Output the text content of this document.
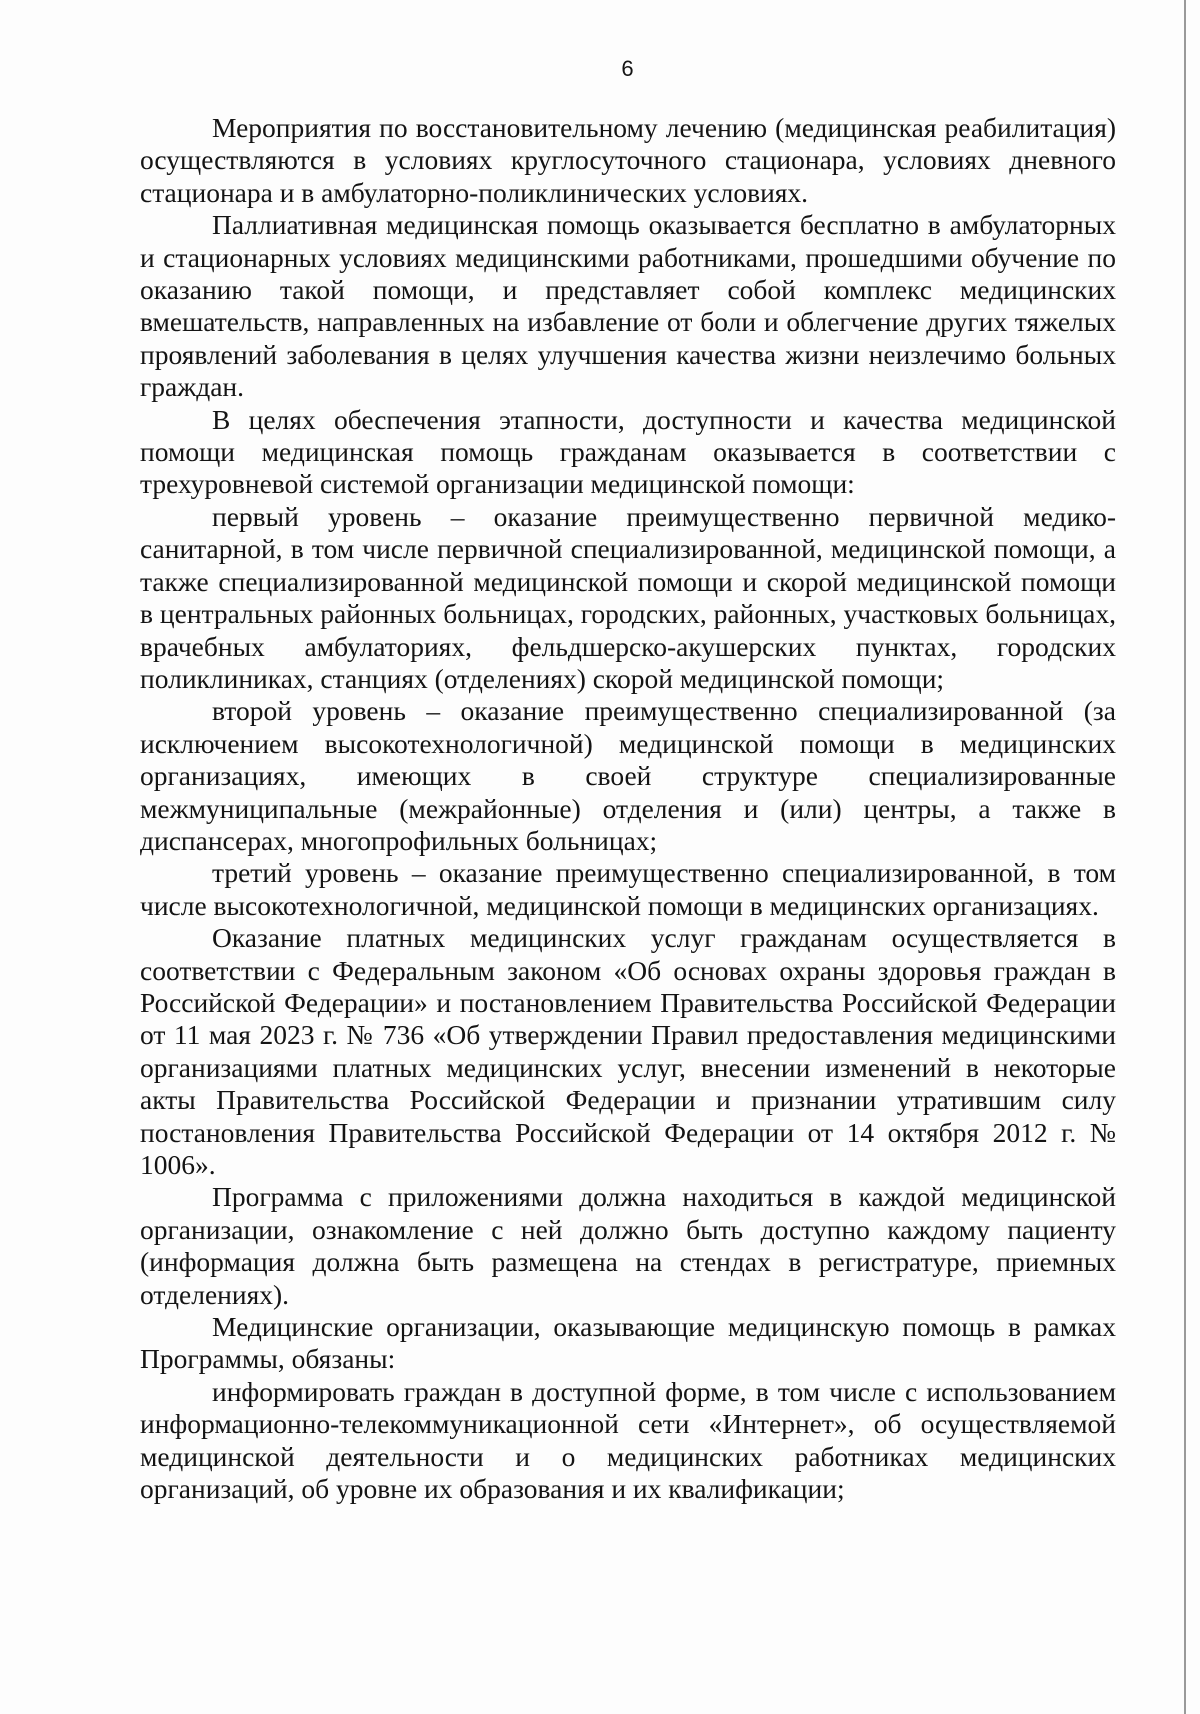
6

Мероприятия по восстановительному лечению (медицинская реабилитация) осуществляются в условиях круглосуточного стационара, условиях дневного стационара и в амбулаторно-поликлинических условиях.

Паллиативная медицинская помощь оказывается бесплатно в амбулаторных и стационарных условиях медицинскими работниками, прошедшими обучение по оказанию такой помощи, и представляет собой комплекс медицинских вмешательств, направленных на избавление от боли и облегчение других тяжелых проявлений заболевания в целях улучшения качества жизни неизлечимо больных граждан.

В целях обеспечения этапности, доступности и качества медицинской помощи медицинская помощь гражданам оказывается в соответствии с трехуровневой системой организации медицинской помощи:

первый уровень – оказание преимущественно первичной медико-санитарной, в том числе первичной специализированной, медицинской помощи, а также специализированной медицинской помощи и скорой медицинской помощи в центральных районных больницах, городских, районных, участковых больницах, врачебных амбулаториях, фельдшерско-акушерских пунктах, городских поликлиниках, станциях (отделениях) скорой медицинской помощи;

второй уровень – оказание преимущественно специализированной (за исключением высокотехнологичной) медицинской помощи в медицинских организациях, имеющих в своей структуре специализированные межмуниципальные (межрайонные) отделения и (или) центры, а также в диспансерах, многопрофильных больницах;

третий уровень – оказание преимущественно специализированной, в том числе высокотехнологичной, медицинской помощи в медицинских организациях.

Оказание платных медицинских услуг гражданам осуществляется в соответствии с Федеральным законом «Об основах охраны здоровья граждан в Российской Федерации» и постановлением Правительства Российской Федерации от 11 мая 2023 г. № 736 «Об утверждении Правил предоставления медицинскими организациями платных медицинских услуг, внесении изменений в некоторые акты Правительства Российской Федерации и признании утратившим силу постановления Правительства Российской Федерации от 14 октября 2012 г. № 1006».

Программа с приложениями должна находиться в каждой медицинской организации, ознакомление с ней должно быть доступно каждому пациенту (информация должна быть размещена на стендах в регистратуре, приемных отделениях).

Медицинские организации, оказывающие медицинскую помощь в рамках Программы, обязаны:

информировать граждан в доступной форме, в том числе с использованием информационно-телекоммуникационной сети «Интернет», об осуществляемой медицинской деятельности и о медицинских работниках медицинских организаций, об уровне их образования и их квалификации;
